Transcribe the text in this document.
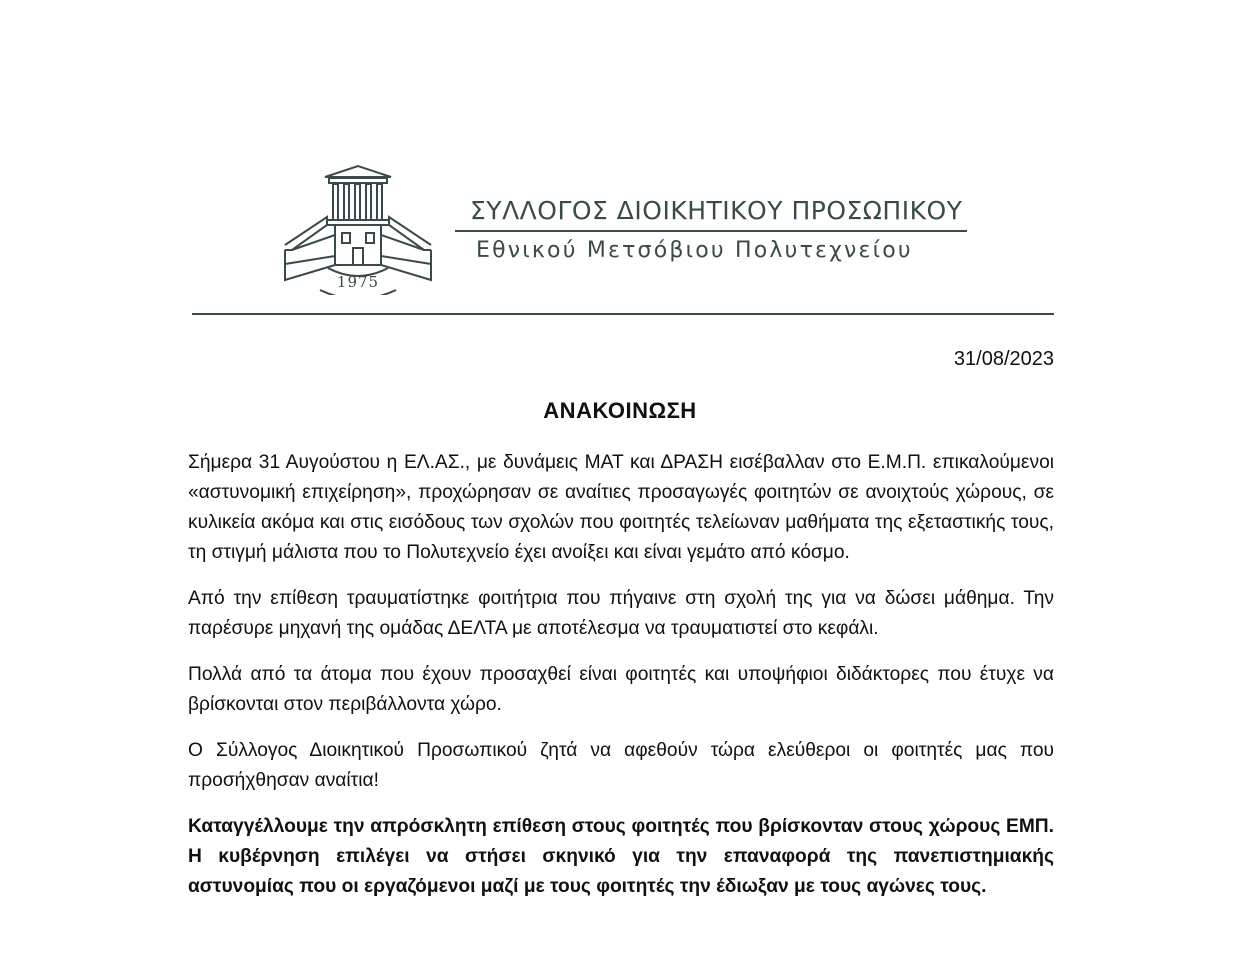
1975
ΣΥΛΛΟΓΟΣ ΔΙΟΙΚΗΤΙΚΟΥ ΠΡΟΣΩΠΙΚΟΥ
Εθνικού Μετσόβιου Πολυτεχνείου
31/08/2023
ΑΝΑΚΟΙΝΩΣΗ

Σήμερα 31 Αυγούστου η ΕΛ.ΑΣ., με δυνάμεις ΜΑΤ και ΔΡΑΣΗ εισέβαλλαν στο Ε.Μ.Π. επικαλούμενοι «αστυνομική επιχείρηση», προχώρησαν σε αναίτιες προσαγωγές φοιτητών σε ανοιχτούς χώρους, σε κυλικεία ακόμα και στις εισόδους των σχολών που φοιτητές τελείωναν μαθήματα της εξεταστικής τους, τη στιγμή μάλιστα που το Πολυτεχνείο έχει ανοίξει και είναι γεμάτο από κόσμο.

Από την επίθεση τραυματίστηκε φοιτήτρια που πήγαινε στη σχολή της για να δώσει μάθημα. Την παρέσυρε μηχανή της ομάδας ΔΕΛΤΑ με αποτέλεσμα να τραυματιστεί στο κεφάλι.

Πολλά από τα άτομα που έχουν προσαχθεί είναι φοιτητές και υποψήφιοι διδάκτορες που έτυχε να βρίσκονται στον περιβάλλοντα χώρο.

Ο Σύλλογος Διοικητικού Προσωπικού ζητά να αφεθούν τώρα ελεύθεροι οι φοιτητές μας που προσήχθησαν αναίτια!

Καταγγέλλουμε την απρόσκλητη επίθεση στους φοιτητές που βρίσκονταν στους χώρους ΕΜΠ. Η κυβέρνηση επιλέγει να στήσει σκηνικό για την επαναφορά της πανεπιστημιακής αστυνομίας που οι εργαζόμενοι μαζί με τους φοιτητές την έδιωξαν με τους αγώνες τους.
